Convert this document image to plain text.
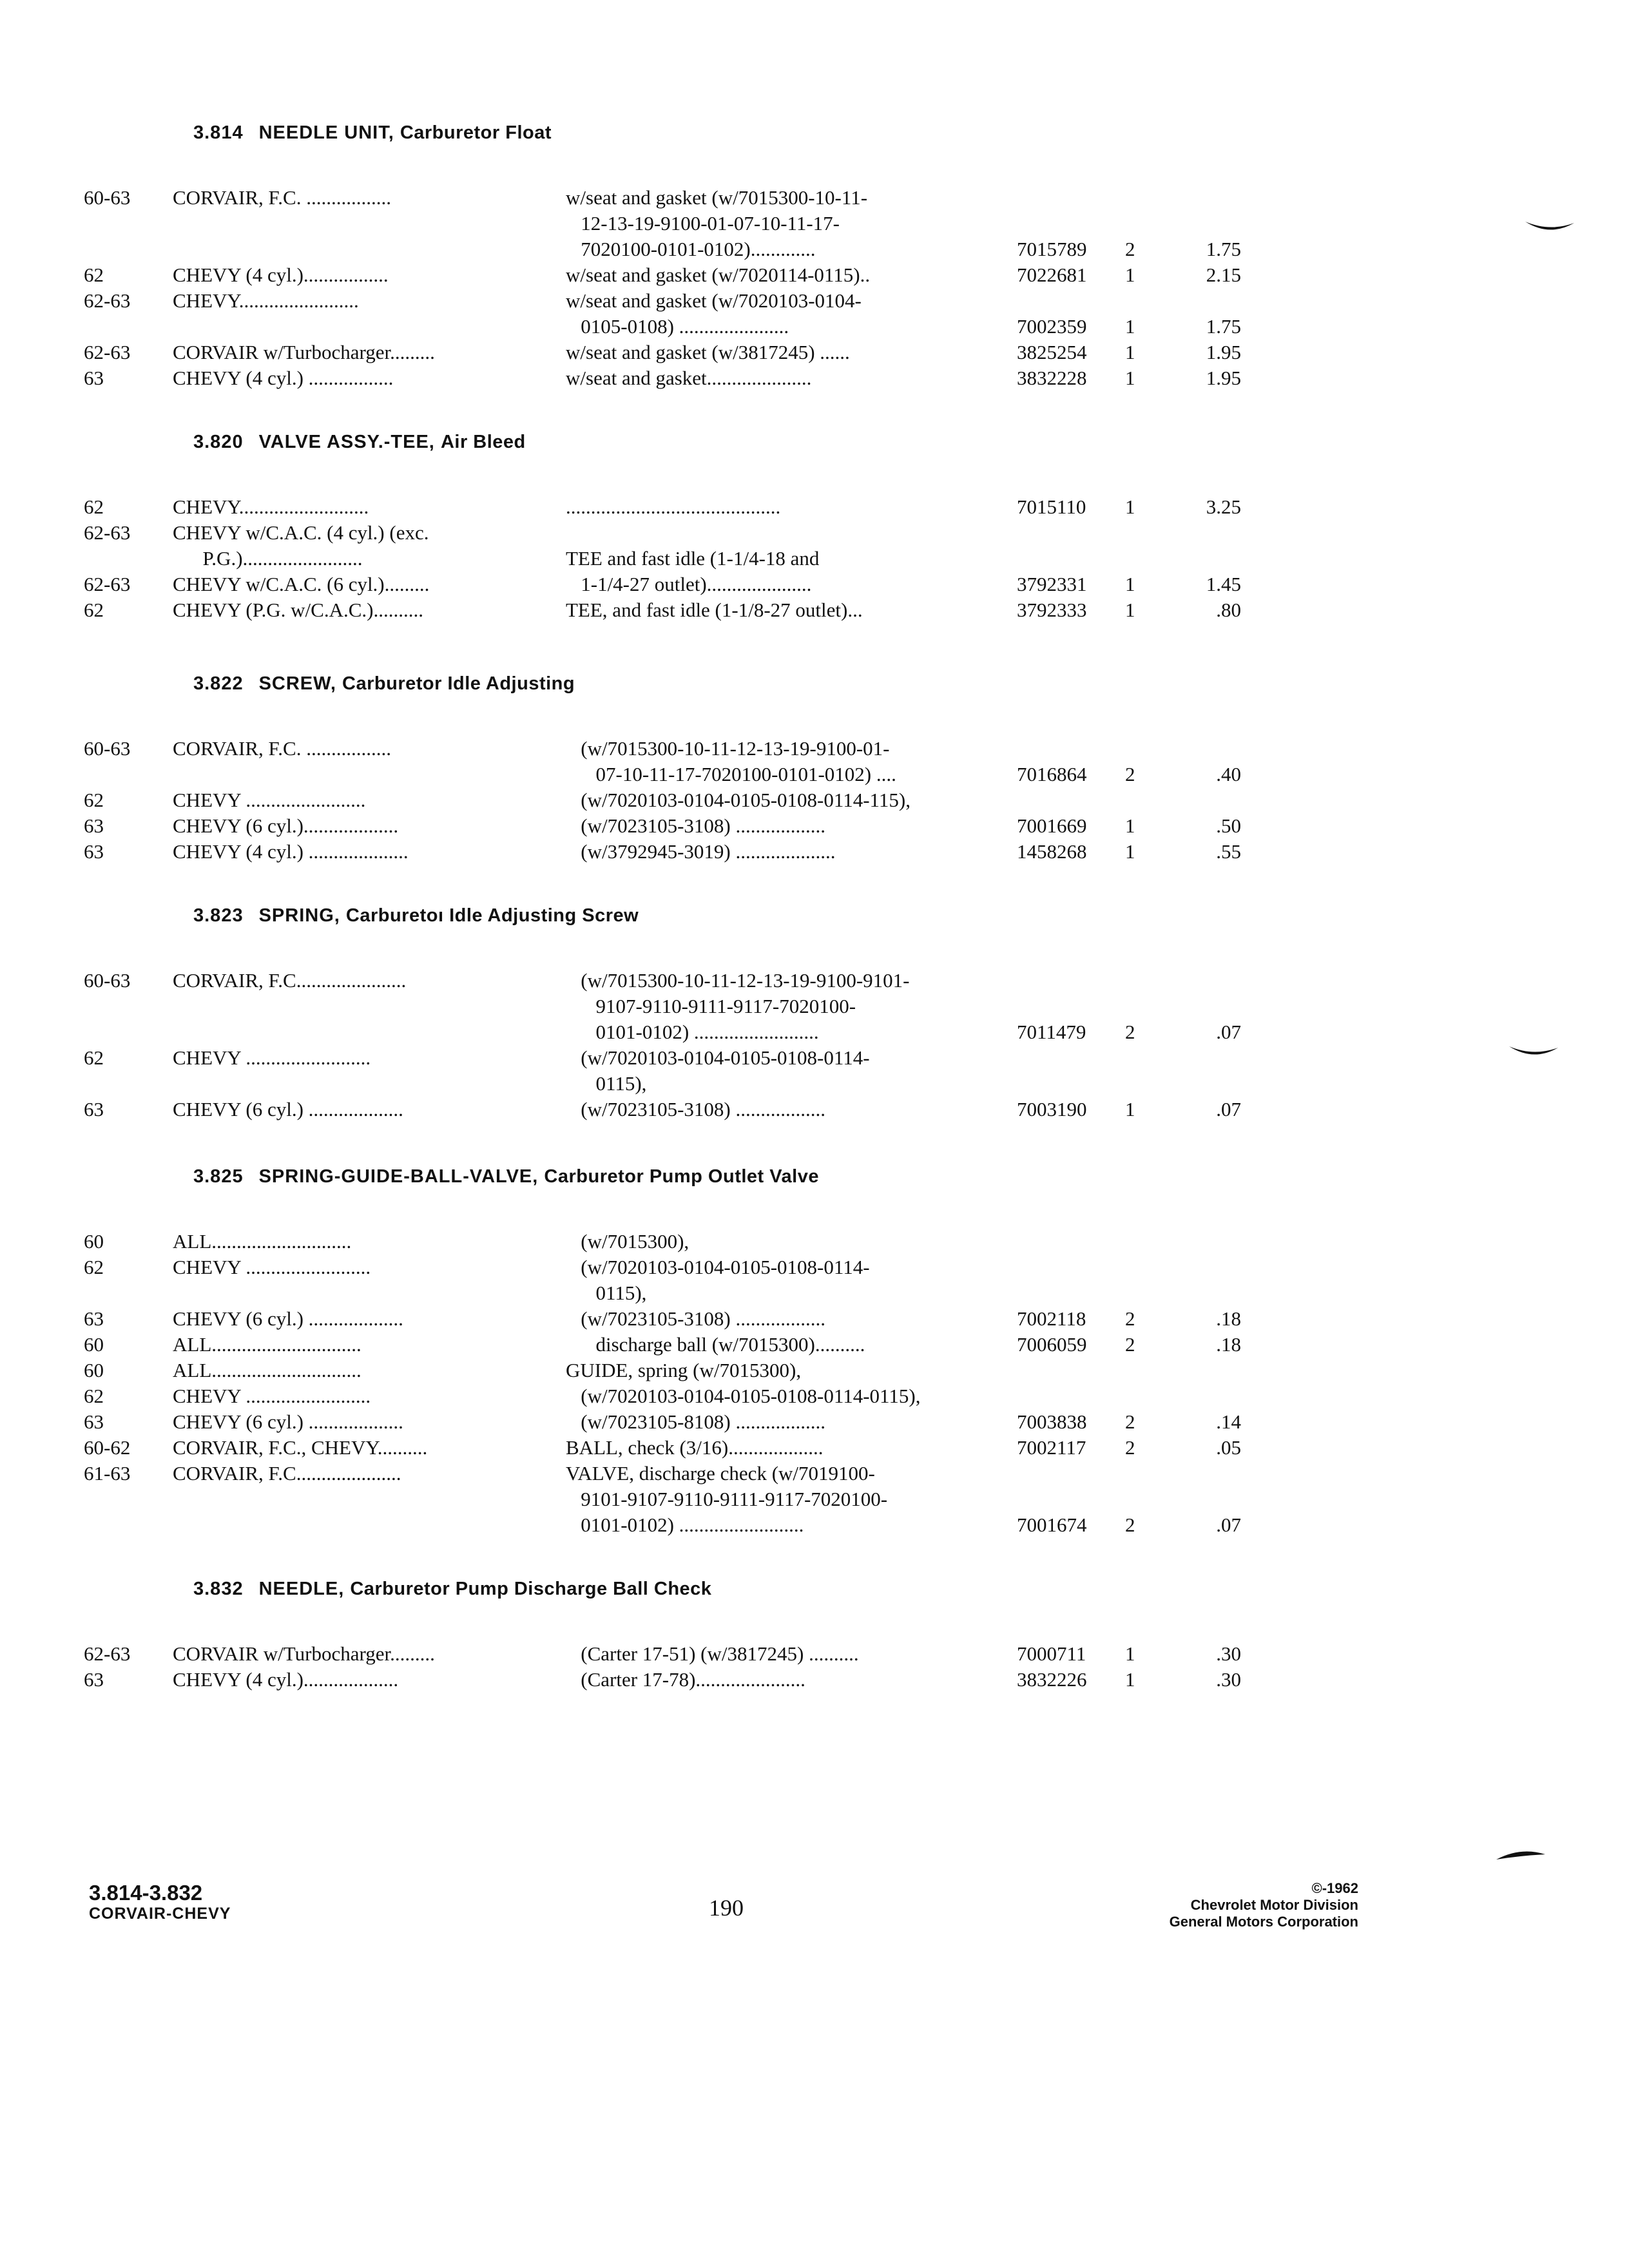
3.814 NEEDLE UNIT, Carburetor Float
60-63	CORVAIR, F.C. .................	w/seat and gasket (w/7015300-10-11-
12-13-19-9100-01-07-10-11-17-
7020100-0101-0102).............	7015789	2	1.75
62	CHEVY (4 cyl.).................	w/seat and gasket (w/7020114-0115)..	7022681	1	2.15
62-63	CHEVY........................	w/seat and gasket (w/7020103-0104-
0105-0108) ......................	7002359	1	1.75
62-63	CORVAIR w/Turbocharger.........	w/seat and gasket (w/3817245) ......	3825254	1	1.95
63	CHEVY (4 cyl.) .................	w/seat and gasket.....................	3832228	1	1.95
3.820 VALVE ASSY.-TEE, Air Bleed
62	CHEVY..........................	...........................................	7015110	1	3.25
62-63	CHEVY w/C.A.C. (4 cyl.) (exc.
P.G.)........................	TEE and fast idle (1-1/4-18 and
62-63	CHEVY w/C.A.C. (6 cyl.).........	1-1/4-27 outlet).....................	3792331	1	1.45
62	CHEVY (P.G. w/C.A.C.)..........	TEE, and fast idle (1-1/8-27 outlet)...	3792333	1	.80
3.822 SCREW, Carburetor Idle Adjusting
60-63	CORVAIR, F.C. .................	(w/7015300-10-11-12-13-19-9100-01-
07-10-11-17-7020100-0101-0102) ....	7016864	2	.40
62	CHEVY ........................	(w/7020103-0104-0105-0108-0114-115),
63	CHEVY (6 cyl.)...................	(w/7023105-3108) ..................	7001669	1	.50
63	CHEVY (4 cyl.) ....................	(w/3792945-3019) ....................	1458268	1	.55
3.823 SPRING, Carburetoı Idle Adjusting Screw
60-63	CORVAIR, F.C......................	(w/7015300-10-11-12-13-19-9100-9101-
9107-9110-9111-9117-7020100-
0101-0102) .........................	7011479	2	.07
62	CHEVY .........................	(w/7020103-0104-0105-0108-0114-
0115),
63	CHEVY (6 cyl.) ...................	(w/7023105-3108) ..................	7003190	1	.07
3.825 SPRING-GUIDE-BALL-VALVE, Carburetor Pump Outlet Valve
60	ALL............................	(w/7015300),
62	CHEVY .........................	(w/7020103-0104-0105-0108-0114-
0115),
63	CHEVY (6 cyl.) ...................	(w/7023105-3108) ..................	7002118	2	.18
60	ALL..............................	discharge ball (w/7015300)..........	7006059	2	.18
60	ALL..............................	GUIDE, spring (w/7015300),
62	CHEVY .........................	(w/7020103-0104-0105-0108-0114-0115),
63	CHEVY (6 cyl.) ...................	(w/7023105-8108) ..................	7003838	2	.14
60-62	CORVAIR, F.C., CHEVY..........	BALL, check (3/16)...................	7002117	2	.05
61-63	CORVAIR, F.C.....................	VALVE, discharge check (w/7019100-
9101-9107-9110-9111-9117-7020100-
0101-0102) .........................	7001674	2	.07
3.832 NEEDLE, Carburetor Pump Discharge Ball Check
62-63	CORVAIR w/Turbocharger.........	(Carter 17-51) (w/3817245) ..........	7000711	1	.30
63	CHEVY (4 cyl.)...................	(Carter 17-78)......................	3832226	1	.30
3.814-3.832
CORVAIR-CHEVY	190
©-1962
Chevrolet Motor Division
General Motors Corporation
